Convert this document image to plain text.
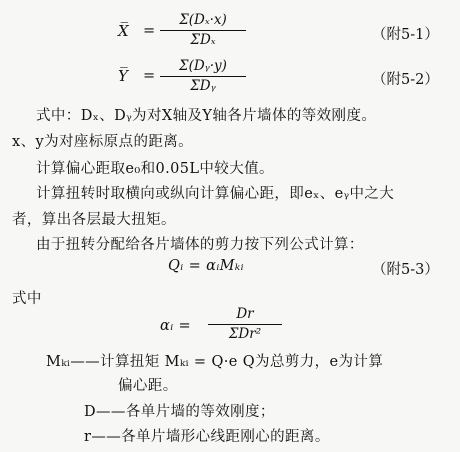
X̅ =
Σ(Dₓ·x)
ΣDₓ	（附5-1）
Y̅ =
Σ(Dᵧ·y)
ΣDᵧ	（附5-2）
式中：Dₓ、Dᵧ为对X轴及Y轴各片墙体的等效刚度。
x、y为对座标原点的距离。
计算偏心距取e₀和0.05L中较大值。
计算扭转时取横向或纵向计算偏心距，即eₓ、eᵧ中之大
者，算出各层最大扭矩。
由于扭转分配给各片墙体的剪力按下列公式计算：
Qᵢ = αᵢMₖᵢ	（附5-3）
式中
αᵢ =
Dr
ΣDr²
Mₖᵢ——计算扭矩 Mₖᵢ = Q·e Q为总剪力，e为计算
偏心距。
D——各单片墙的等效刚度；
r——各单片墙形心线距刚心的距离。
